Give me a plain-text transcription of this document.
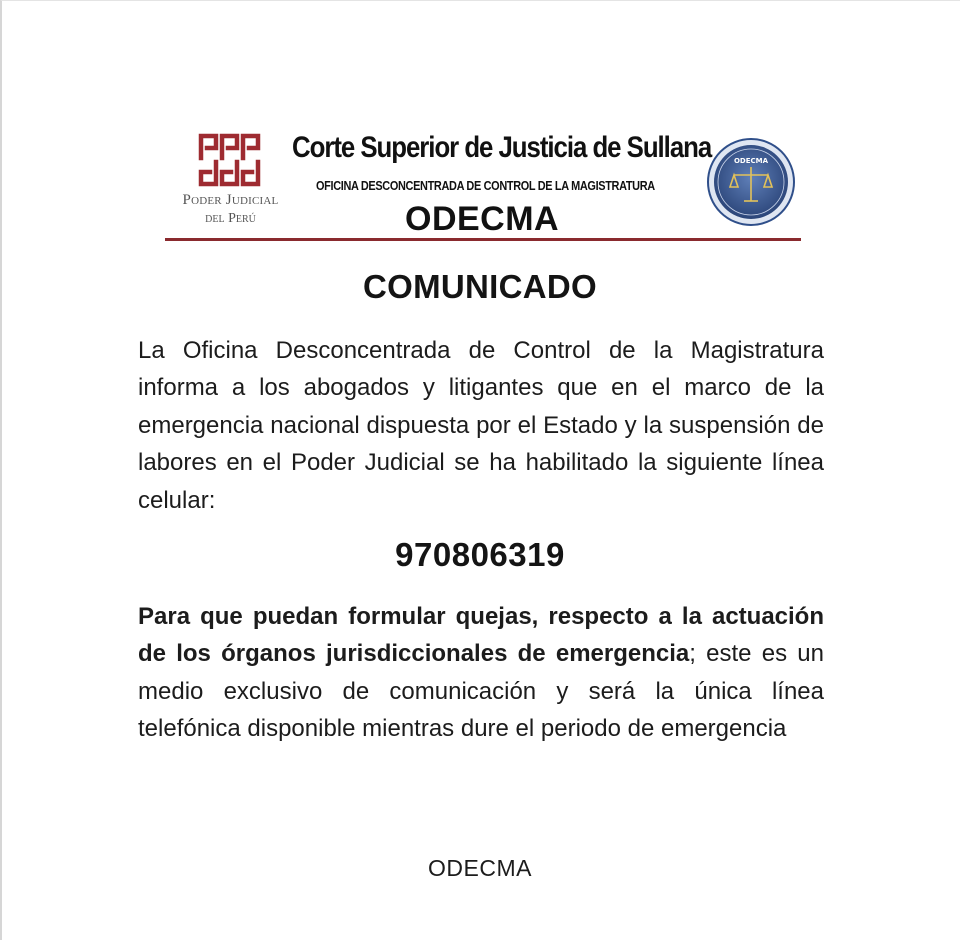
Poder Judicial
del Perú
Corte Superior de Justicia de Sullana
OFICINA DESCONCENTRADA DE CONTROL DE LA MAGISTRATURA
ODECMA
ODECMA
COMUNICADO
La Oficina Desconcentrada de Control de la Magistratura informa a los abogados y litigantes que en el marco de la emergencia nacional dispuesta por el Estado y la suspensión de labores en el Poder Judicial se ha habilitado la siguiente línea celular:
970806319
Para que puedan formular quejas, respecto a la actuación de los órganos jurisdiccionales de emergencia; este es un medio exclusivo de comunicación y será la única línea telefónica disponible mientras dure el periodo de emergencia
ODECMA
